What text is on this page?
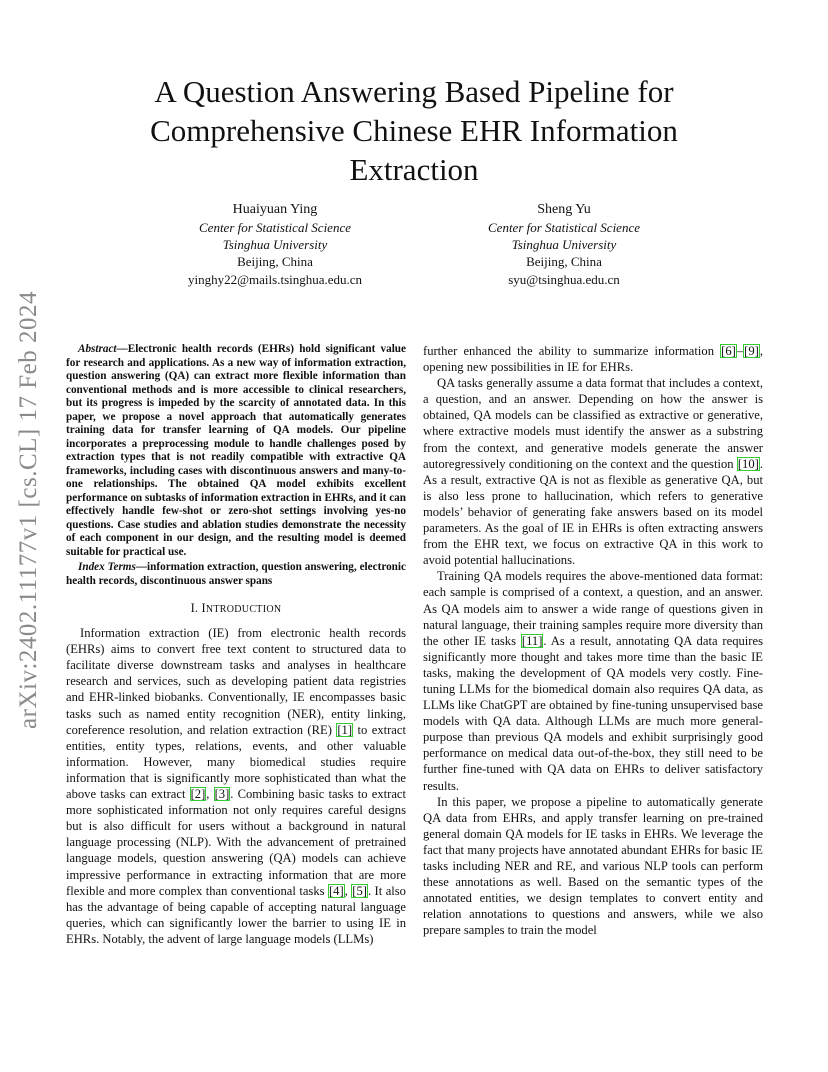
arXiv:2402.11177v1 [cs.CL] 17 Feb 2024
A Question Answering Based Pipeline for Comprehensive Chinese EHR Information Extraction
Huaiyuan Ying
Center for Statistical Science
Tsinghua University
Beijing, China
yinghy22@mails.tsinghua.edu.cn
Sheng Yu
Center for Statistical Science
Tsinghua University
Beijing, China
syu@tsinghua.edu.cn

Abstract—Electronic health records (EHRs) hold significant value for research and applications. As a new way of information extraction, question answering (QA) can extract more flexible information than conventional methods and is more accessible to clinical researchers, but its progress is impeded by the scarcity of annotated data. In this paper, we propose a novel approach that automatically generates training data for transfer learning of QA models. Our pipeline incorporates a preprocessing module to handle challenges posed by extraction types that is not readily compatible with extractive QA frameworks, including cases with discontinuous answers and many-to-one relationships. The obtained QA model exhibits excellent performance on subtasks of information extraction in EHRs, and it can effectively handle few-shot or zero-shot settings involving yes-no questions. Case studies and ablation studies demonstrate the necessity of each component in our design, and the resulting model is deemed suitable for practical use.

Index Terms—information extraction, question answering, electronic health records, discontinuous answer spans

I. INTRODUCTION

Information extraction (IE) from electronic health records (EHRs) aims to convert free text content to structured data to facilitate diverse downstream tasks and analyses in healthcare research and services, such as developing patient data registries and EHR-linked biobanks. Conventionally, IE encompasses basic tasks such as named entity recognition (NER), entity linking, coreference resolution, and relation extraction (RE) [1] to extract entities, entity types, relations, events, and other valuable information. However, many biomedical studies require information that is significantly more sophisticated than what the above tasks can extract [2], [3]. Combining basic tasks to extract more sophisticated information not only requires careful designs but is also difficult for users without a background in natural language processing (NLP). With the advancement of pretrained language models, question answering (QA) models can achieve impressive performance in extracting information that are more flexible and more complex than conventional tasks [4], [5]. It also has the advantage of being capable of accepting natural language queries, which can significantly lower the barrier to using IE in EHRs. Notably, the advent of large language models (LLMs)

further enhanced the ability to summarize information [6]–[9], opening new possibilities in IE for EHRs.

QA tasks generally assume a data format that includes a context, a question, and an answer. Depending on how the answer is obtained, QA models can be classified as extractive or generative, where extractive models must identify the answer as a substring from the context, and generative models generate the answer autoregressively conditioning on the context and the question [10]. As a result, extractive QA is not as flexible as generative QA, but is also less prone to hallucination, which refers to generative models’ behavior of generating fake answers based on its model parameters. As the goal of IE in EHRs is often extracting answers from the EHR text, we focus on extractive QA in this work to avoid potential hallucinations.

Training QA models requires the above-mentioned data format: each sample is comprised of a context, a question, and an answer. As QA models aim to answer a wide range of questions given in natural language, their training samples require more diversity than the other IE tasks [11]. As a result, annotating QA data requires significantly more thought and takes more time than the basic IE tasks, making the development of QA models very costly. Fine-tuning LLMs for the biomedical domain also requires QA data, as LLMs like ChatGPT are obtained by fine-tuning unsupervised base models with QA data. Although LLMs are much more general-purpose than previous QA models and exhibit surprisingly good performance on medical data out-of-the-box, they still need to be further fine-tuned with QA data on EHRs to deliver satisfactory results.

In this paper, we propose a pipeline to automatically generate QA data from EHRs, and apply transfer learning on pre-trained general domain QA models for IE tasks in EHRs. We leverage the fact that many projects have annotated abundant EHRs for basic IE tasks including NER and RE, and various NLP tools can perform these annotations as well. Based on the semantic types of the annotated entities, we design templates to convert entity and relation annotations to questions and answers, while we also prepare samples to train the model
